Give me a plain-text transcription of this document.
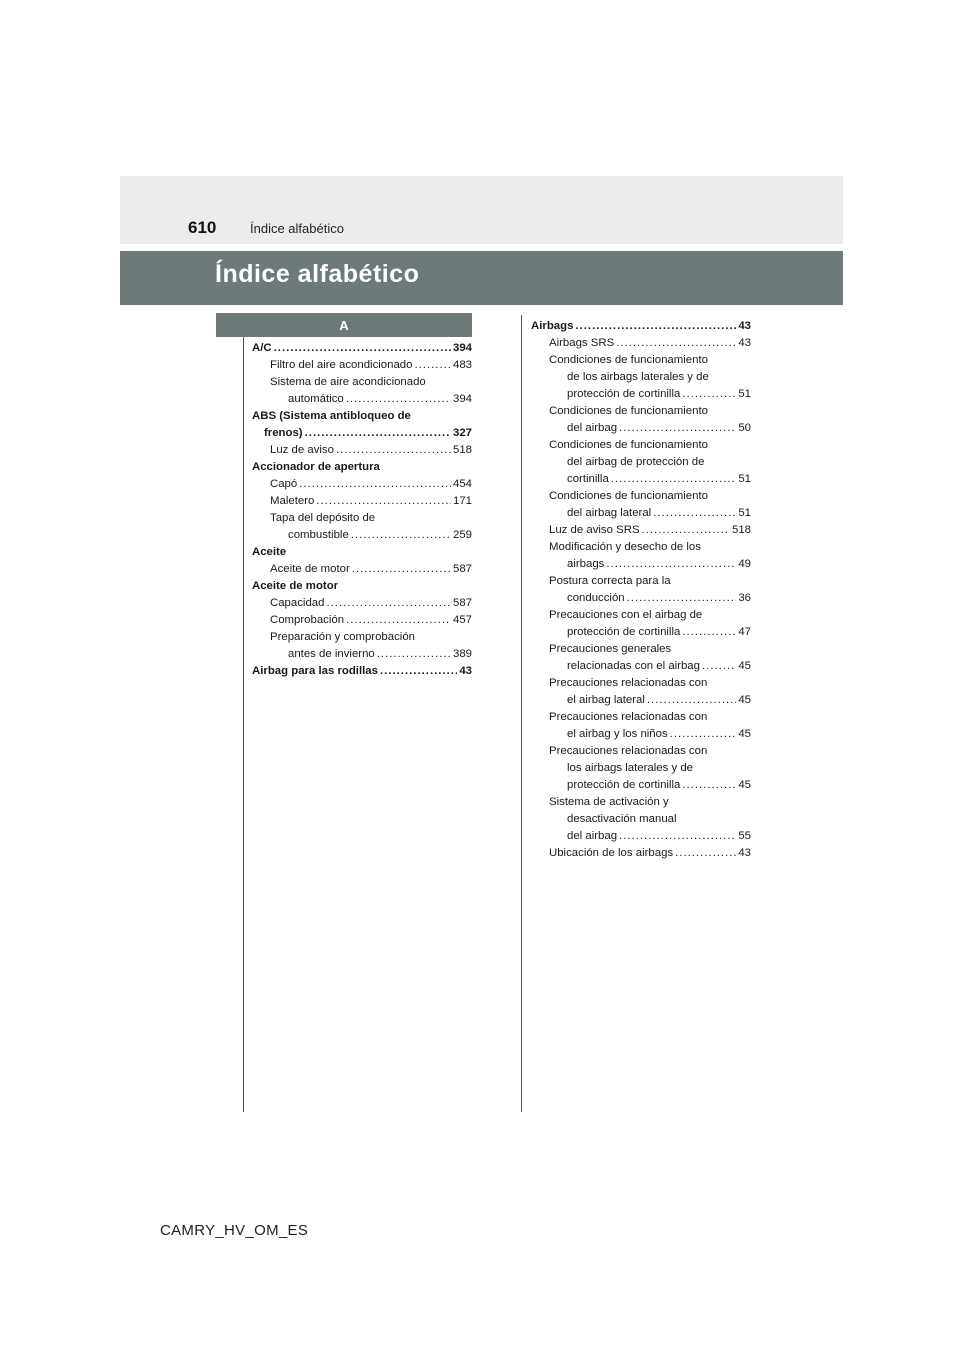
610	Índice alfabético
Índice alfabético
A
A/C .....	394
Filtro del aire acondicionado .....	483
Sistema de aire acondicionado
automático .....	394
ABS (Sistema antibloqueo de
frenos) .....	327
Luz de aviso .....	518
Accionador de apertura
Capó .....	454
Maletero .....	171
Tapa del depósito de
combustible .....	259
Aceite
Aceite de motor .....	587
Aceite de motor
Capacidad .....	587
Comprobación .....	457
Preparación y comprobación
antes de invierno .....	389
Airbag para las rodillas .....	43
Airbags .....	43
Airbags SRS .....	43
Condiciones de funcionamiento
de los airbags laterales y de
protección de cortinilla .....	51
Condiciones de funcionamiento
del airbag .....	50
Condiciones de funcionamiento
del airbag de protección de
cortinilla .....	51
Condiciones de funcionamiento
del airbag lateral .....	51
Luz de aviso SRS .....	518
Modificación y desecho de los
airbags .....	49
Postura correcta para la
conducción .....	36
Precauciones con el airbag de
protección de cortinilla .....	47
Precauciones generales
relacionadas con el airbag .....	45
Precauciones relacionadas con
el airbag lateral .....	45
Precauciones relacionadas con
el airbag y los niños .....	45
Precauciones relacionadas con
los airbags laterales y de
protección de cortinilla .....	45
Sistema de activación y
desactivación manual
del airbag .....	55
Ubicación de los airbags .....	43
CAMRY_HV_OM_ES
